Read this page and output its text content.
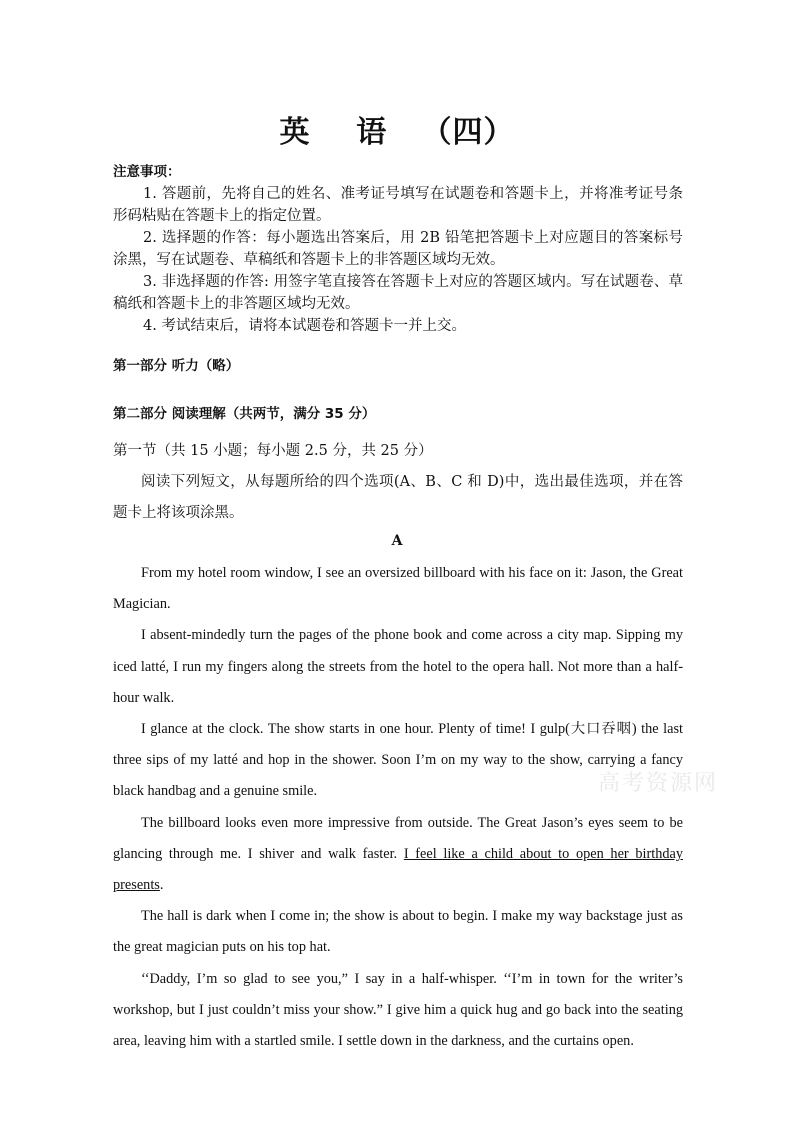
英    语   （四）
注意事项：

1. 答题前，先将自己的姓名、准考证号填写在试题卷和答题卡上，并将准考证号条形码粘贴在答题卡上的指定位置。

2. 选择题的作答：每小题选出答案后，用 2B 铅笔把答题卡上对应题目的答案标号涂黑，写在试题卷、草稿纸和答题卡上的非答题区域均无效。

3. 非选择题的作答: 用签字笔直接答在答题卡上对应的答题区域内。写在试题卷、草稿纸和答题卡上的非答题区域均无效。

4. 考试结束后，请将本试题卷和答题卡一并上交。

第一部分 听力（略）
第二部分 阅读理解（共两节，满分 35 分）
第一节（共 15 小题；每小题 2.5 分，共 25 分）

阅读下列短文，从每题所给的四个选项(A、B、C 和 D)中，选出最佳选项，并在答题卡上将该项涂黑。

A

From my hotel room window, I see an oversized billboard with his face on it: Jason, the Great Magician.

I absent-mindedly turn the pages of the phone book and come across a city map. Sipping my iced latté, I run my fingers along the streets from the hotel to the opera hall. Not more than a half-hour walk.

I glance at the clock. The show starts in one hour. Plenty of time! I gulp(大口吞咽) the last three sips of my latté and hop in the shower. Soon I’m on my way to the show, carrying a fancy black handbag and a genuine smile.

The billboard looks even more impressive from outside. The Great Jason’s eyes seem to be glancing through me. I shiver and walk faster. I feel like a child about to open her birthday presents.

The hall is dark when I come in; the show is about to begin. I make my way backstage just as the great magician puts on his top hat.

‘‘Daddy, I’m so glad to see you,” I say in a half-whisper. ‘‘I’m in town for the writer’s workshop, but I just couldn’t miss your show.” I give him a quick hug and go back into the seating area, leaving him with a startled smile. I settle down in the darkness, and the curtains open.

高考资源网
